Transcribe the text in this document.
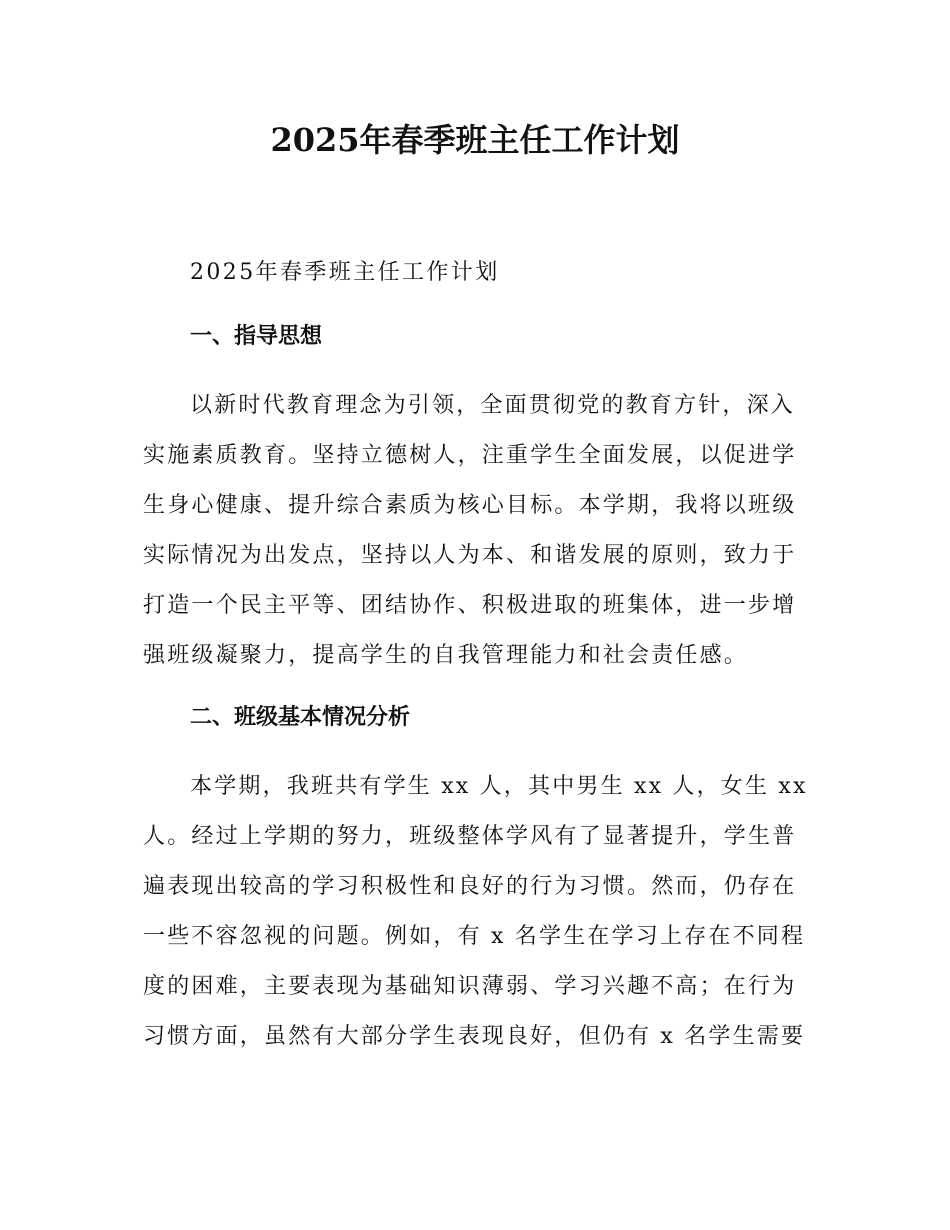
2025年春季班主任工作计划

2025年春季班主任工作计划

一、指导思想
以新时代教育理念为引领，全面贯彻党的教育方针，深入
实施素质教育。坚持立德树人，注重学生全面发展，以促进学
生身心健康、提升综合素质为核心目标。本学期，我将以班级
实际情况为出发点，坚持以人为本、和谐发展的原则，致力于
打造一个民主平等、团结协作、积极进取的班集体，进一步增
强班级凝聚力，提高学生的自我管理能力和社会责任感。
二、班级基本情况分析
本学期，我班共有学生 xx 人，其中男生 xx 人，女生 xx
人。经过上学期的努力，班级整体学风有了显著提升，学生普
遍表现出较高的学习积极性和良好的行为习惯。然而，仍存在
一些不容忽视的问题。例如，有 x 名学生在学习上存在不同程
度的困难，主要表现为基础知识薄弱、学习兴趣不高；在行为
习惯方面，虽然有大部分学生表现良好，但仍有 x 名学生需要
